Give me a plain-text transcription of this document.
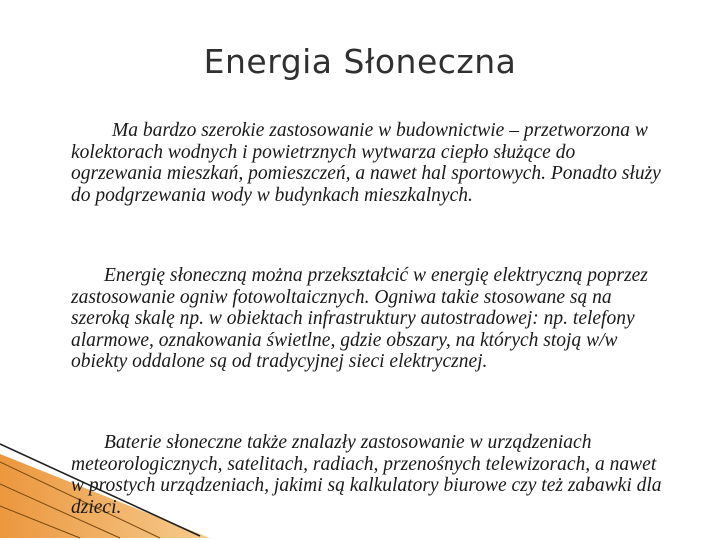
Energia Słoneczna

Ma bardzo szerokie zastosowanie w budownictwie – przetworzona w kolektorach wodnych i powietrznych wytwarza ciepło służące do ogrzewania mieszkań, pomieszczeń, a nawet hal sportowych. Ponadto służy do podgrzewania wody w budynkach mieszkalnych.

Energię słoneczną można przekształcić w energię elektryczną poprzez zastosowanie ogniw fotowoltaicznych. Ogniwa takie stosowane są na szeroką skalę np. w obiektach infrastruktury autostradowej: np. telefony alarmowe, oznakowania świetlne, gdzie obszary, na których stoją w/w obiekty oddalone są od tradycyjnej sieci elektrycznej.

Baterie słoneczne także znalazły zastosowanie w urządzeniach meteorologicznych, satelitach, radiach, przenośnych telewizorach, a nawet w prostych urządzeniach, jakimi są kalkulatory biurowe czy też zabawki dla dzieci.
